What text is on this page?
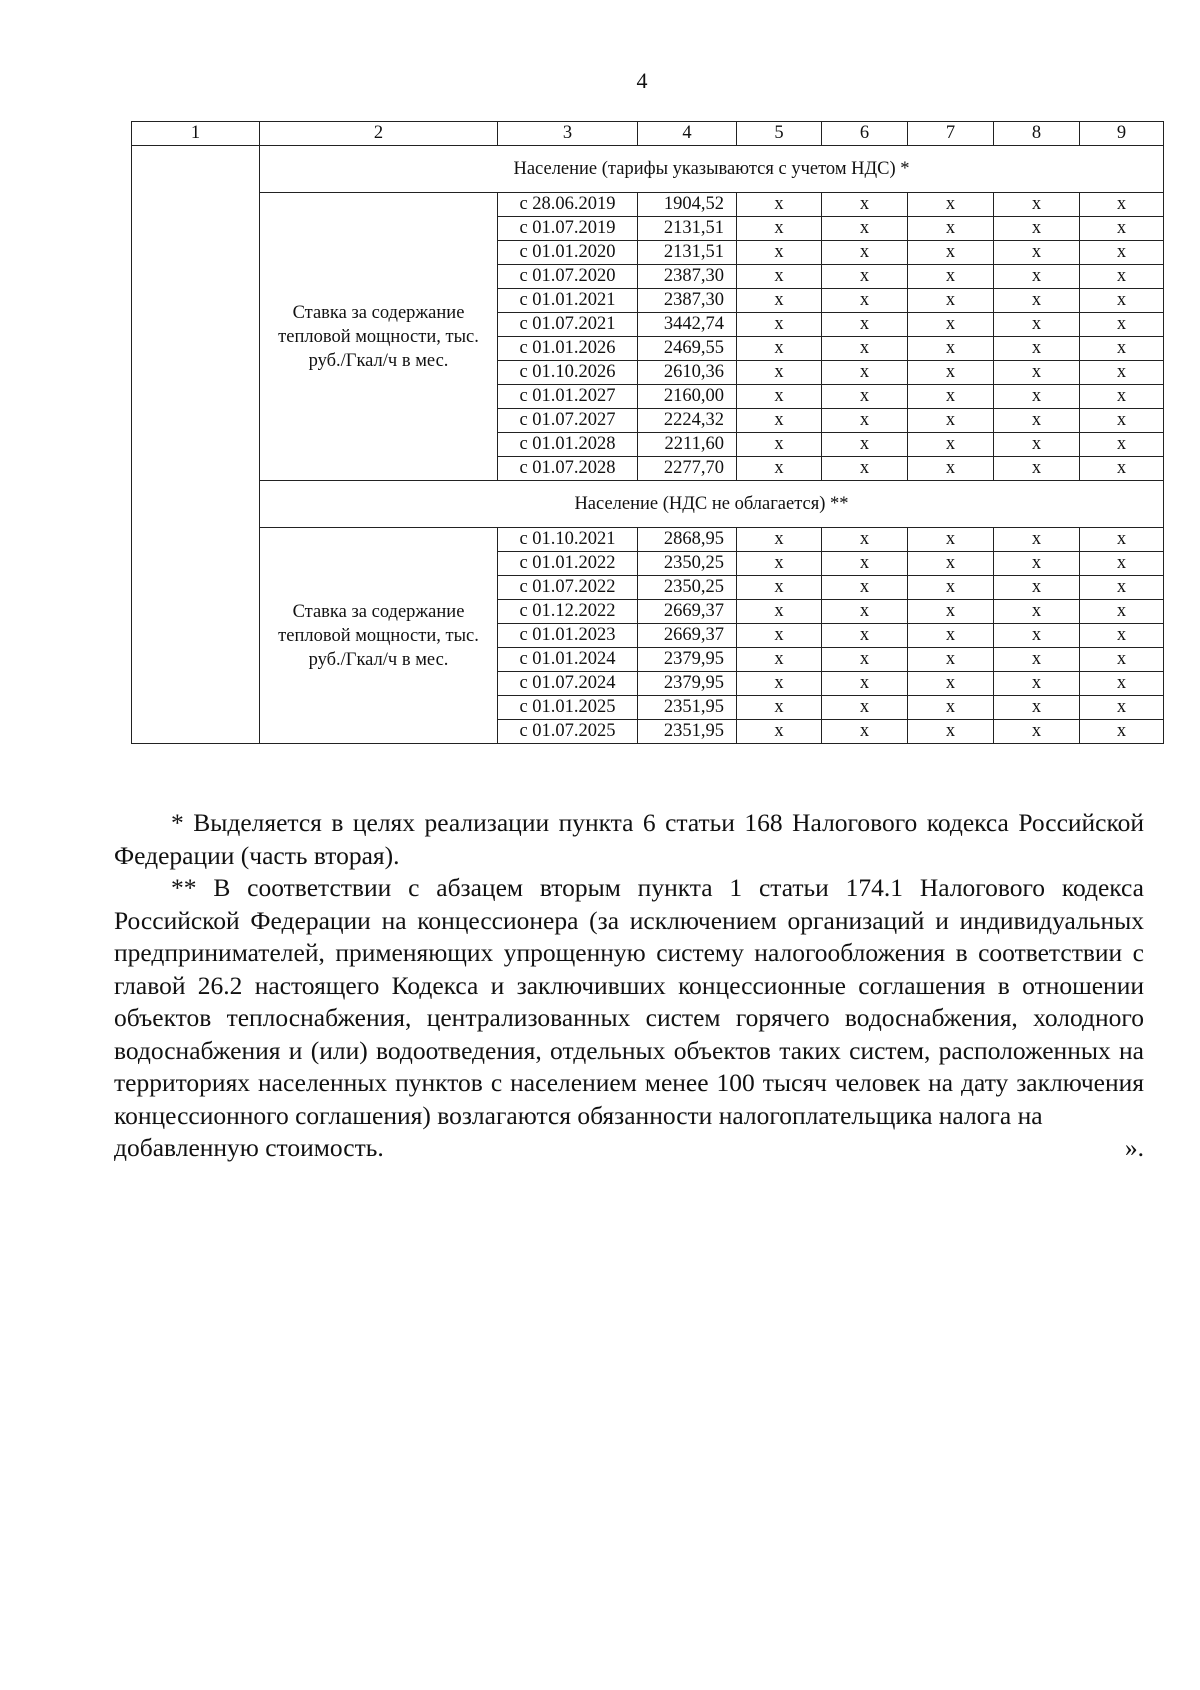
4
1	2	3	4	5	6	7	8	9
	Население (тарифы указываются с учетом НДС) *							
	Ставка за содержание тепловой мощности, тыс. руб./Гкал/ч в мес.	с 28.06.2019	1904,52	x	x	x	x	x
		с 01.07.2019	2131,51	x	x	x	x	x
		с 01.01.2020	2131,51	x	x	x	x	x
		с 01.07.2020	2387,30	x	x	x	x	x
		с 01.01.2021	2387,30	x	x	x	x	x
		с 01.07.2021	3442,74	x	x	x	x	x
		с 01.01.2026	2469,55	x	x	x	x	x
		с 01.10.2026	2610,36	x	x	x	x	x
		с 01.01.2027	2160,00	x	x	x	x	x
		с 01.07.2027	2224,32	x	x	x	x	x
		с 01.01.2028	2211,60	x	x	x	x	x
		с 01.07.2028	2277,70	x	x	x	x	x
	Население (НДС не облагается) **							
	Ставка за содержание тепловой мощности, тыс. руб./Гкал/ч в мес.	с 01.10.2021	2868,95	x	x	x	x	x
		с 01.01.2022	2350,25	x	x	x	x	x
		с 01.07.2022	2350,25	x	x	x	x	x
		с 01.12.2022	2669,37	x	x	x	x	x
		с 01.01.2023	2669,37	x	x	x	x	x
		с 01.01.2024	2379,95	x	x	x	x	x
		с 01.07.2024	2379,95	x	x	x	x	x
		с 01.01.2025	2351,95	x	x	x	x	x
		с 01.07.2025	2351,95	x	x	x	x	x

* Выделяется в целях реализации пункта 6 статьи 168 Налогового кодекса Российской Федерации (часть вторая).

** В соответствии с абзацем вторым пункта 1 статьи 174.1 Налогового кодекса Российской Федерации на концессионера (за исключением организаций и индивидуальных предпринимателей, применяющих упрощенную систему налогообложения в соответствии с главой 26.2 настоящего Кодекса и заключивших концессионные соглашения в отношении объектов теплоснабжения, централизованных систем горячего водоснабжения, холодного водоснабжения и (или) водоотведения, отдельных объектов таких систем, расположенных на территориях населенных пунктов с населением менее 100 тысяч человек на дату заключения концессионного соглашения) возлагаются обязанности налогоплательщика налога на

добавленную стоимость.	».
